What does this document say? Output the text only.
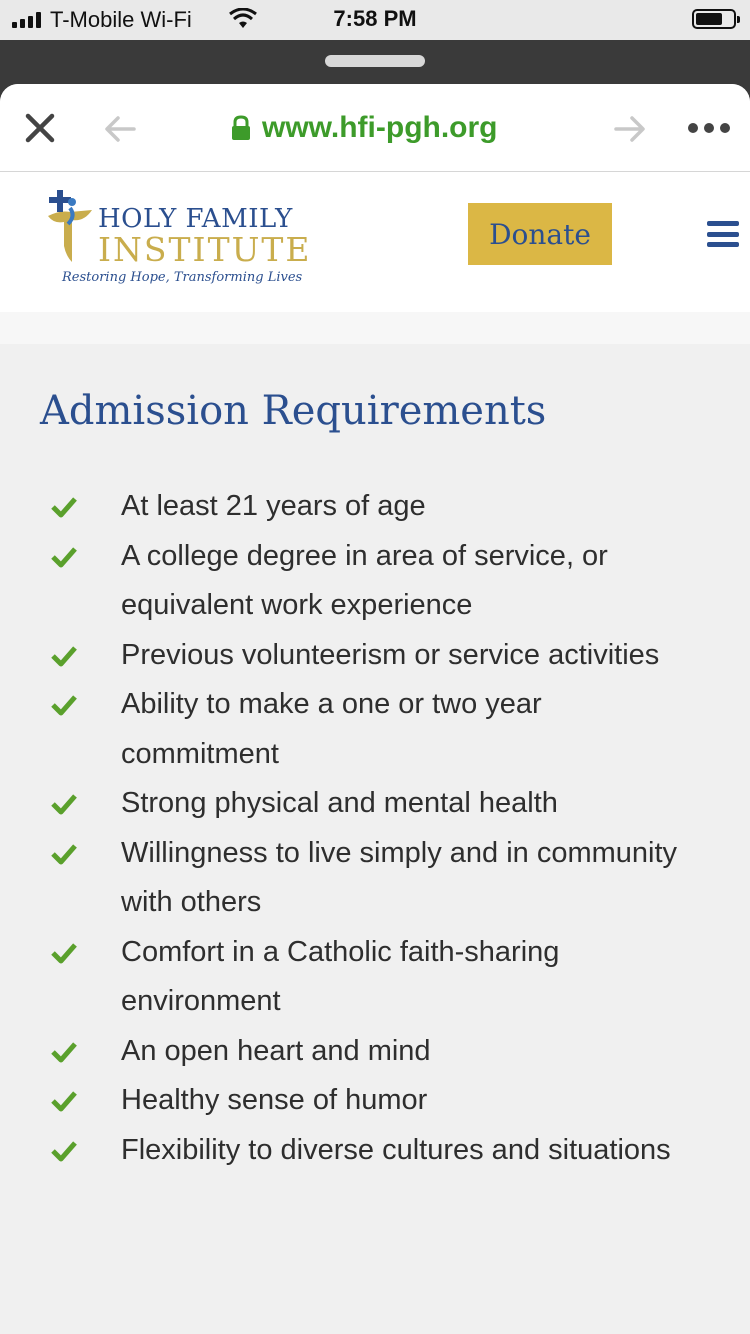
T-Mobile Wi-Fi	7:58 PM
www.hfi-pgh.org
HOLY FAMILY
INSTITUTE
Restoring Hope, Transforming Lives
Donate
Admission Requirements
At least 21 years of age
A college degree in area of service, or equivalent work experience
Previous volunteerism or service activities
Ability to make a one or two year commitment
Strong physical and mental health
Willingness to live simply and in community with others
Comfort in a Catholic faith-sharing environment
An open heart and mind
Healthy sense of humor
Flexibility to diverse cultures and situations
